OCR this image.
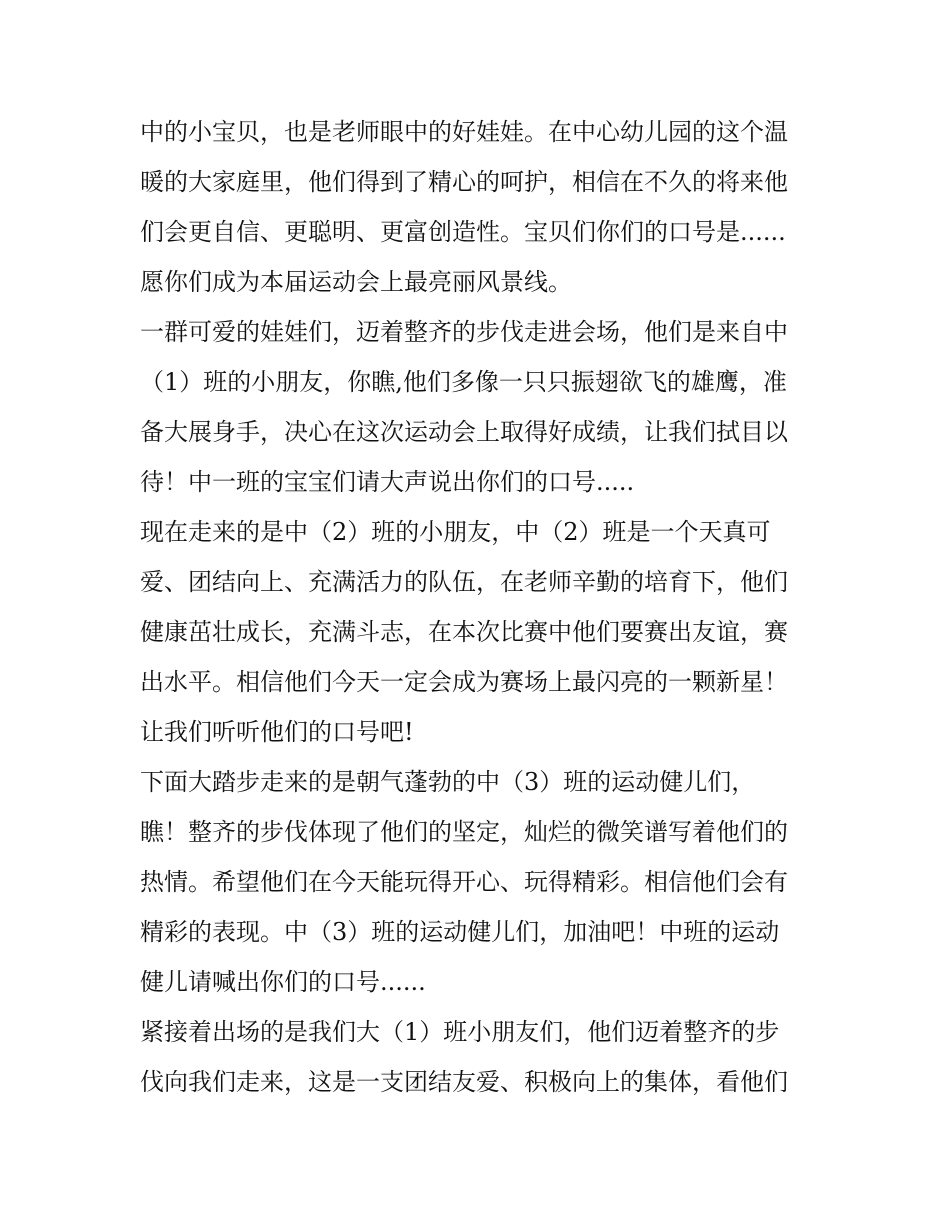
中的小宝贝，也是老师眼中的好娃娃。在中心幼儿园的这个温

暖的大家庭里，他们得到了精心的呵护，相信在不久的将来他

们会更自信、更聪明、更富创造性。宝贝们你们的口号是......

愿你们成为本届运动会上最亮丽风景线。

一群可爱的娃娃们，迈着整齐的步伐走进会场，他们是来自中

（1）班的小朋友，你瞧,他们多像一只只振翅欲飞的雄鹰，准

备大展身手，决心在这次运动会上取得好成绩，让我们拭目以

待！中一班的宝宝们请大声说出你们的口号.....

现在走来的是中（2）班的小朋友，中（2）班是一个天真可

爱、团结向上、充满活力的队伍，在老师辛勤的培育下，他们

健康茁壮成长，充满斗志，在本次比赛中他们要赛出友谊，赛

出水平。相信他们今天一定会成为赛场上最闪亮的一颗新星！

让我们听听他们的口号吧!

下面大踏步走来的是朝气蓬勃的中（3）班的运动健儿们，

瞧！整齐的步伐体现了他们的坚定，灿烂的微笑谱写着他们的

热情。希望他们在今天能玩得开心、玩得精彩。相信他们会有

精彩的表现。中（3）班的运动健儿们，加油吧！中班的运动

健儿请喊出你们的口号......

紧接着出场的是我们大（1）班小朋友们，他们迈着整齐的步

伐向我们走来，这是一支团结友爱、积极向上的集体，看他们
